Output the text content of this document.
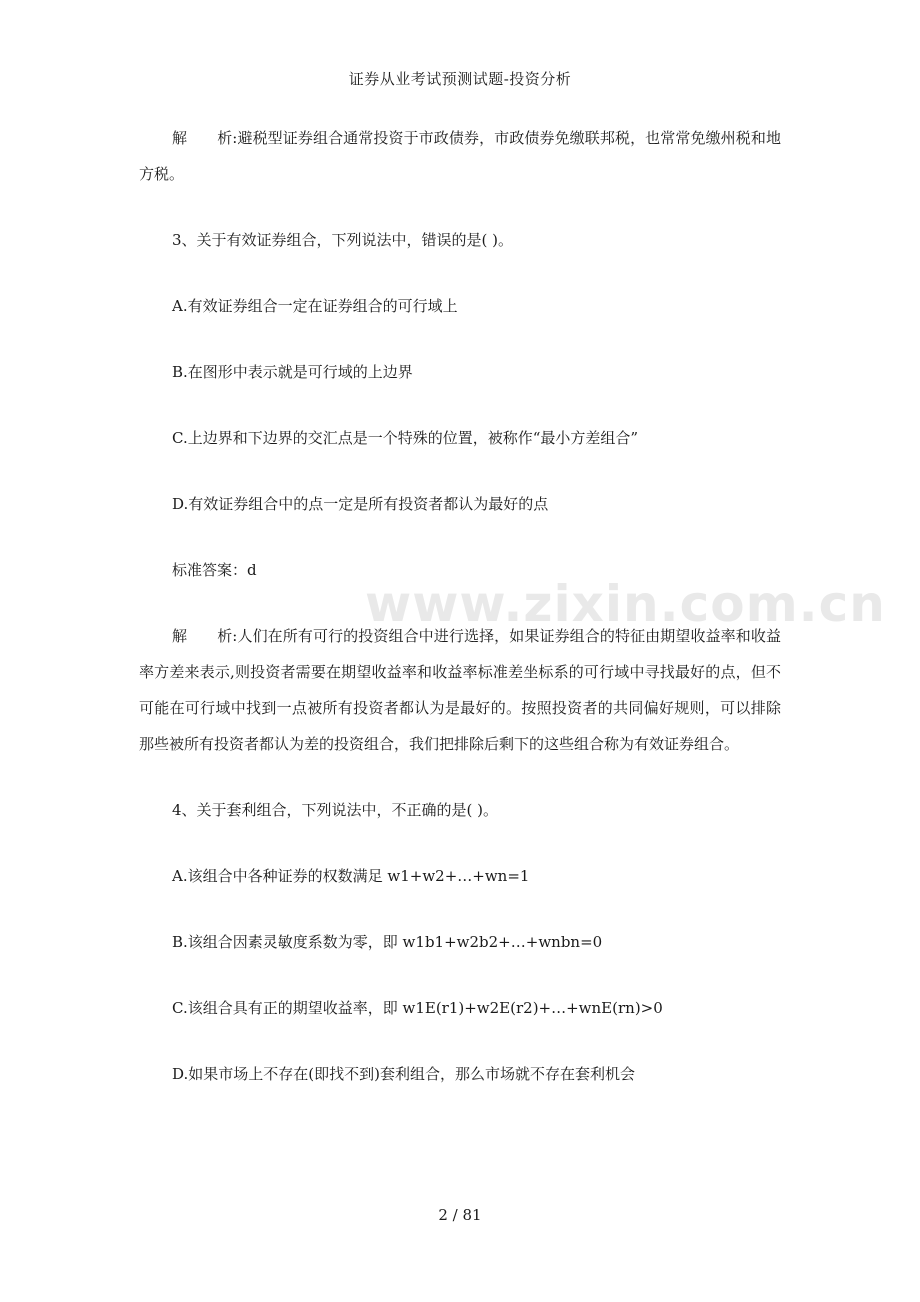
证券从业考试预测试题-投资分析
www.zixin.com.cn

解 析:避税型证券组合通常投资于市政债券，市政债券免缴联邦税，也常常免缴州税和地方税。

3、关于有效证券组合，下列说法中，错误的是( )。

A.有效证券组合一定在证券组合的可行域上

B.在图形中表示就是可行域的上边界

C.上边界和下边界的交汇点是一个特殊的位置，被称作“最小方差组合”

D.有效证券组合中的点一定是所有投资者都认为最好的点

标准答案：d

解 析:人们在所有可行的投资组合中进行选择，如果证券组合的特征由期望收益率和收益率方差来表示,则投资者需要在期望收益率和收益率标准差坐标系的可行域中寻找最好的点，但不可能在可行域中找到一点被所有投资者都认为是最好的。按照投资者的共同偏好规则，可以排除那些被所有投资者都认为差的投资组合，我们把排除后剩下的这些组合称为有效证券组合。

4、关于套利组合，下列说法中，不正确的是( )。

A.该组合中各种证券的权数满足 w1+w2+…+wn=1

B.该组合因素灵敏度系数为零，即 w1b1+w2b2+…+wnbn=0

C.该组合具有正的期望收益率，即 w1E(r1)+w2E(r2)+…+wnE(rn)>0

D.如果市场上不存在(即找不到)套利组合，那么市场就不存在套利机会

2 / 81
